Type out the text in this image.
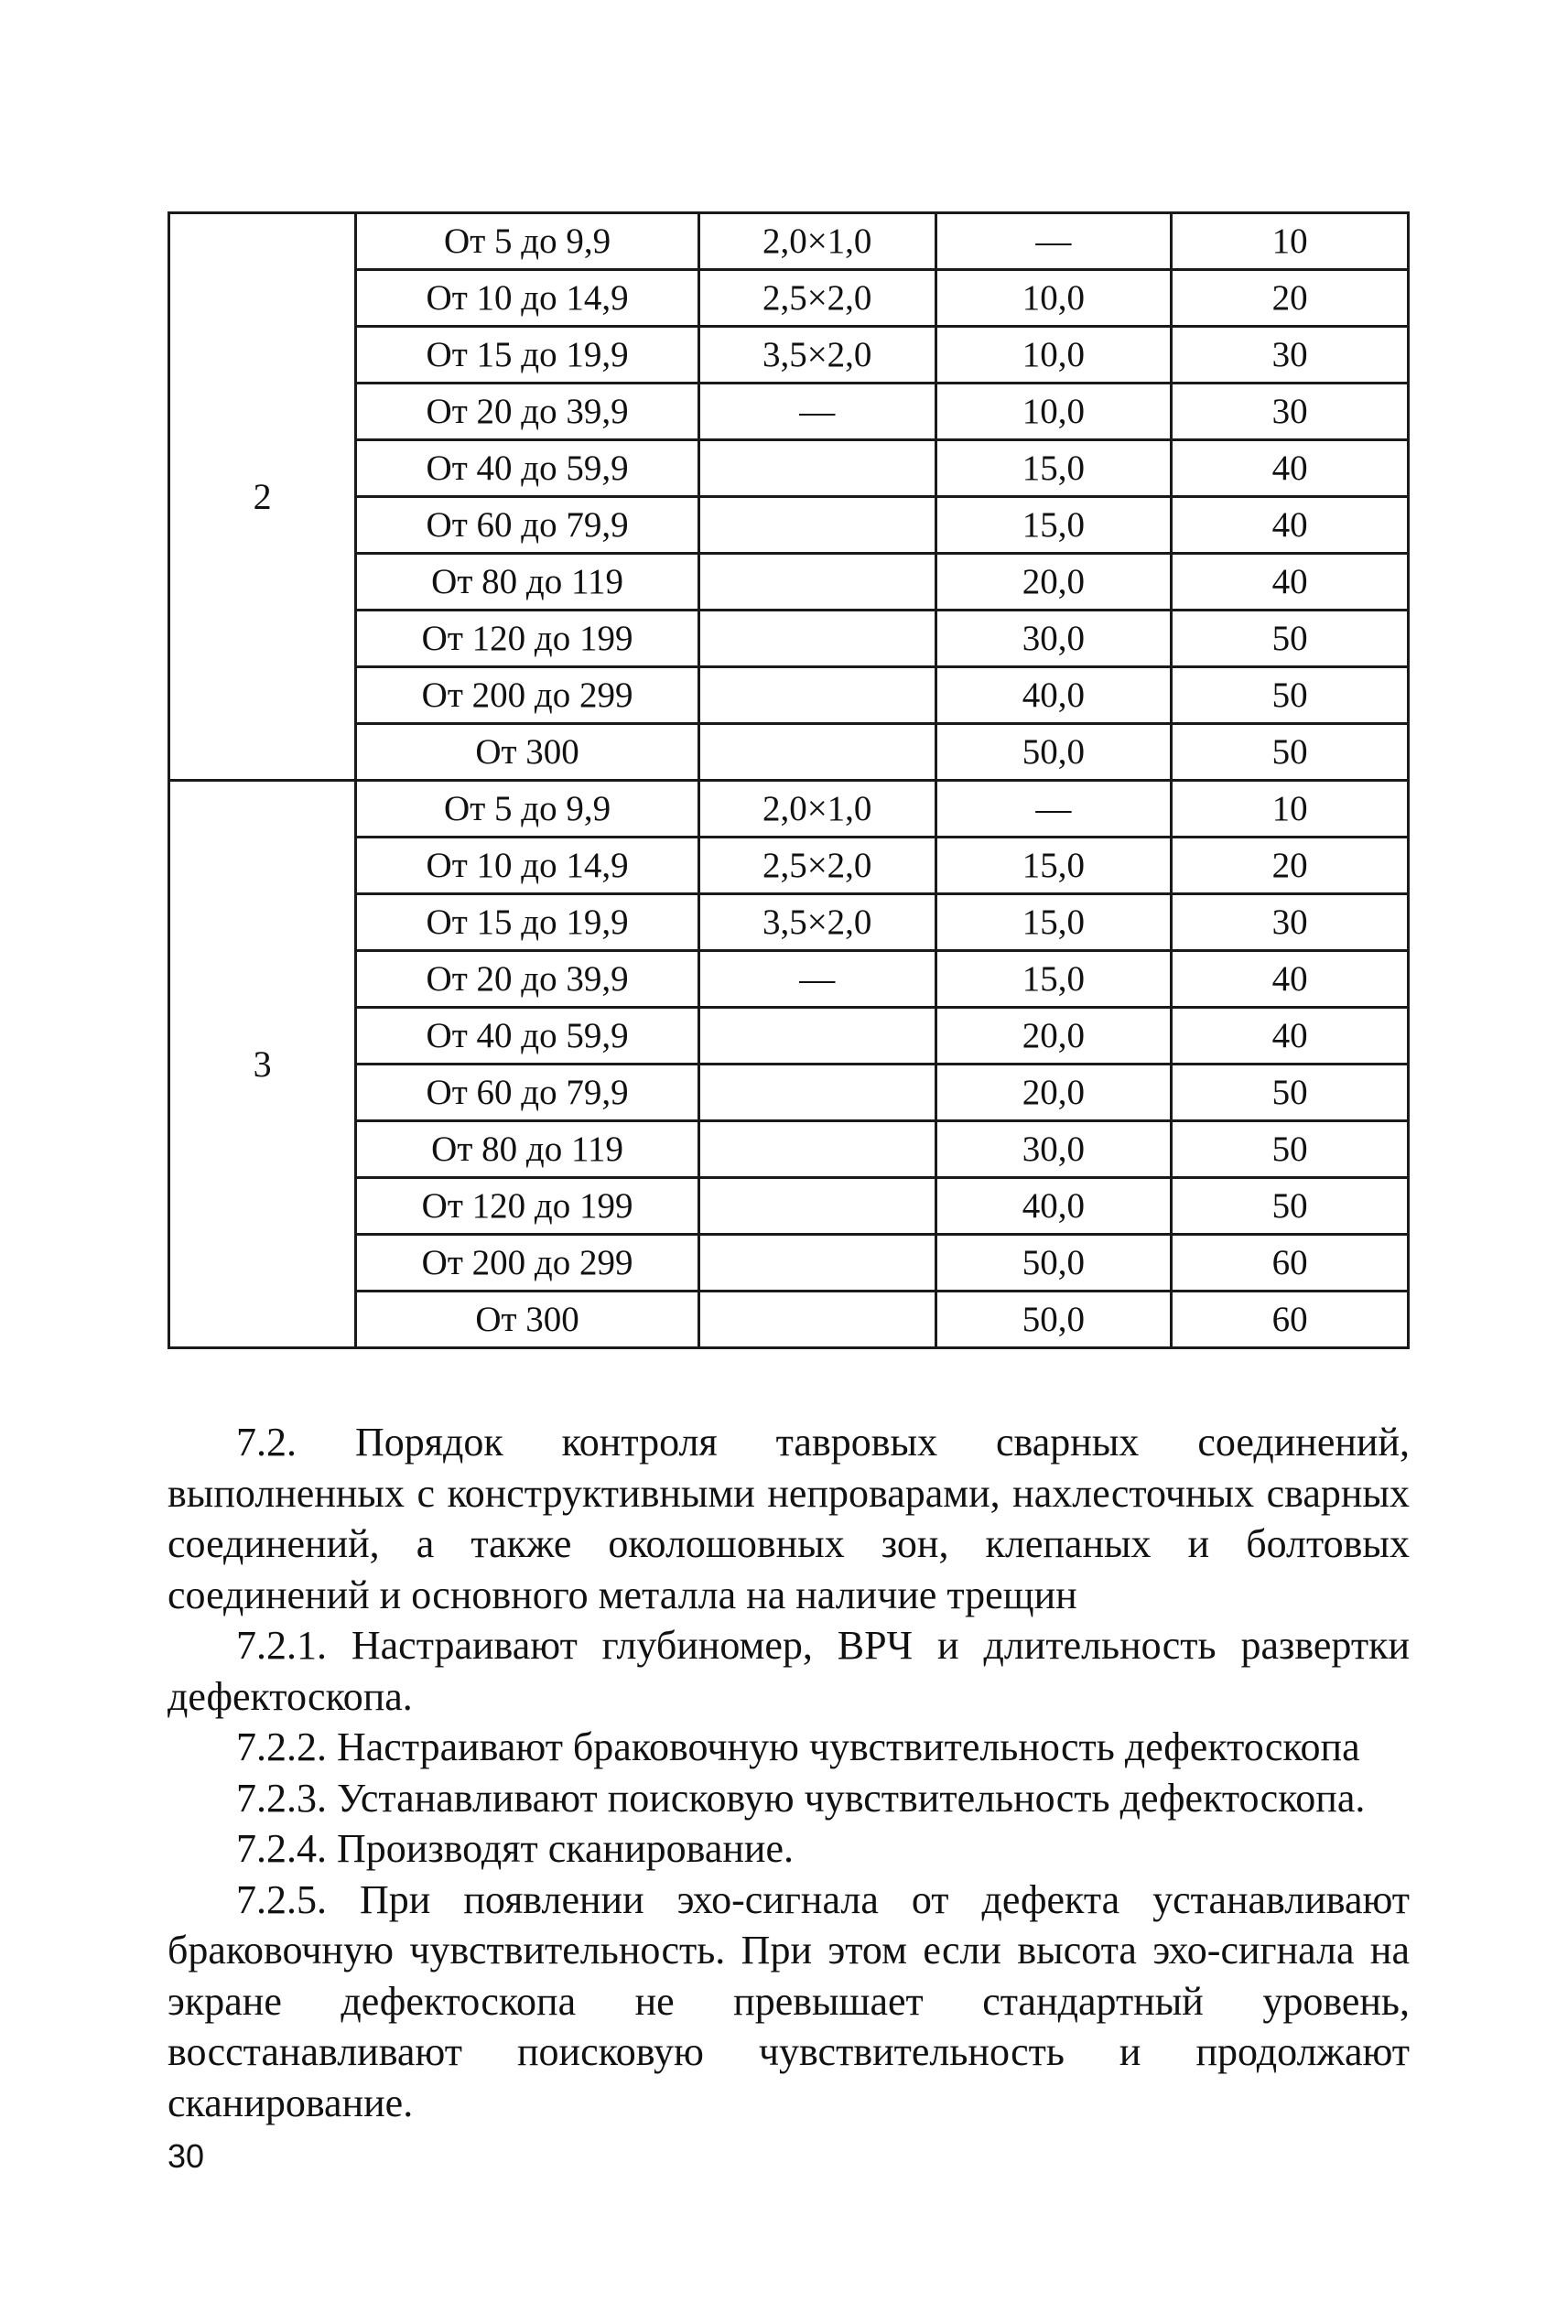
2	От 5 до 9,9	2,0×1,0	—	10
	От 10 до 14,9	2,5×2,0	10,0	20
	От 15 до 19,9	3,5×2,0	10,0	30
	От 20 до 39,9	—	10,0	30
	От 40 до 59,9		15,0	40
	От 60 до 79,9		15,0	40
	От 80 до 119		20,0	40
	От 120 до 199		30,0	50
	От 200 до 299		40,0	50
	От 300		50,0	50
3	От 5 до 9,9	2,0×1,0	—	10
	От 10 до 14,9	2,5×2,0	15,0	20
	От 15 до 19,9	3,5×2,0	15,0	30
	От 20 до 39,9	—	15,0	40
	От 40 до 59,9		20,0	40
	От 60 до 79,9		20,0	50
	От 80 до 119		30,0	50
	От 120 до 199		40,0	50
	От 200 до 299		50,0	60
	От 300		50,0	60

7.2. Порядок контроля тавровых сварных соединений, выполненных с конструктивными непроварами, нахлесточных сварных соединений, а также околошовных зон, клепаных и болтовых соединений и основного металла на наличие трещин

7.2.1. Настраивают глубиномер, ВРЧ и длительность развертки дефектоскопа.

7.2.2. Настраивают браковочную чувствительность дефектоскопа

7.2.3. Устанавливают поисковую чувствительность дефектоскопа.

7.2.4. Производят сканирование.

7.2.5. При появлении эхо-сигнала от дефекта устанавливают браковочную чувствительность. При этом если высота эхо-сигнала на экране дефектоскопа не превышает стандартный уровень, восстанавливают поисковую чувствительность и продолжают сканирование.

30
